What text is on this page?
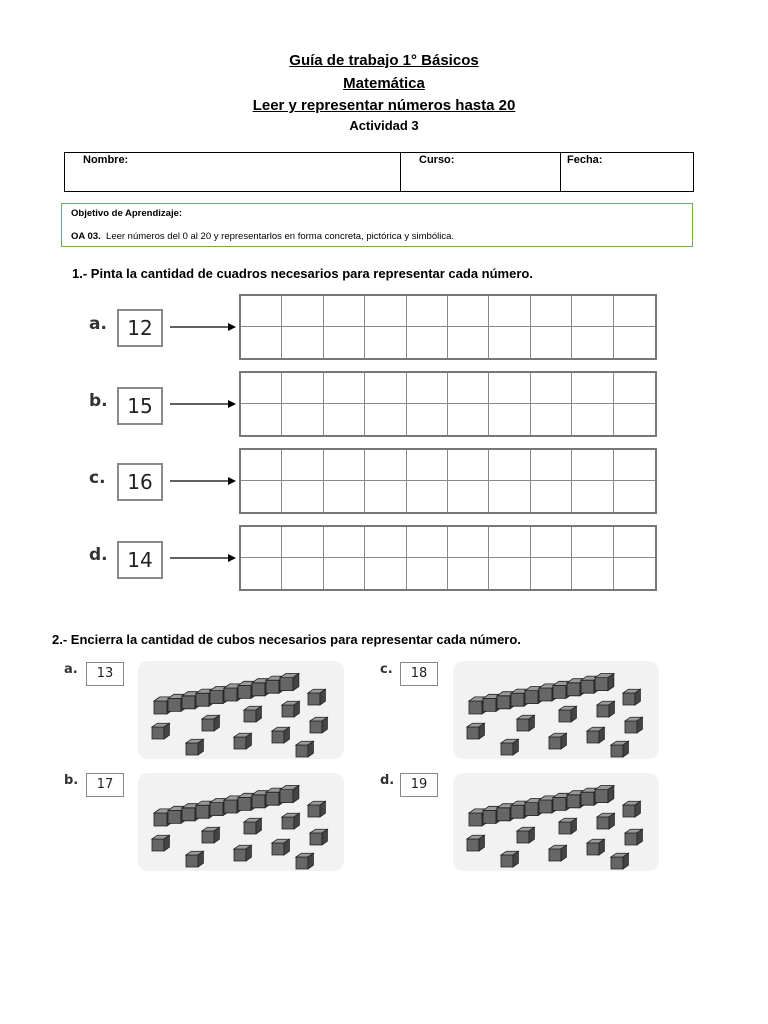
Guía de trabajo 1° Básicos
Matemática
Leer y representar números hasta 20
Actividad 3
Nombre:	Curso:	Fecha:
Objetivo de Aprendizaje:
OA 03. Leer números del 0 al 20 y representarlos en forma concreta, pictórica y simbólica.
1.- Pinta la cantidad de cuadros necesarios para representar cada número.
a.	12
b. 15
c.	16
d. 14
2.- Encierra la cantidad de cubos necesarios para representar cada número.
a.	13	c.	18
b.	17	d.	19
